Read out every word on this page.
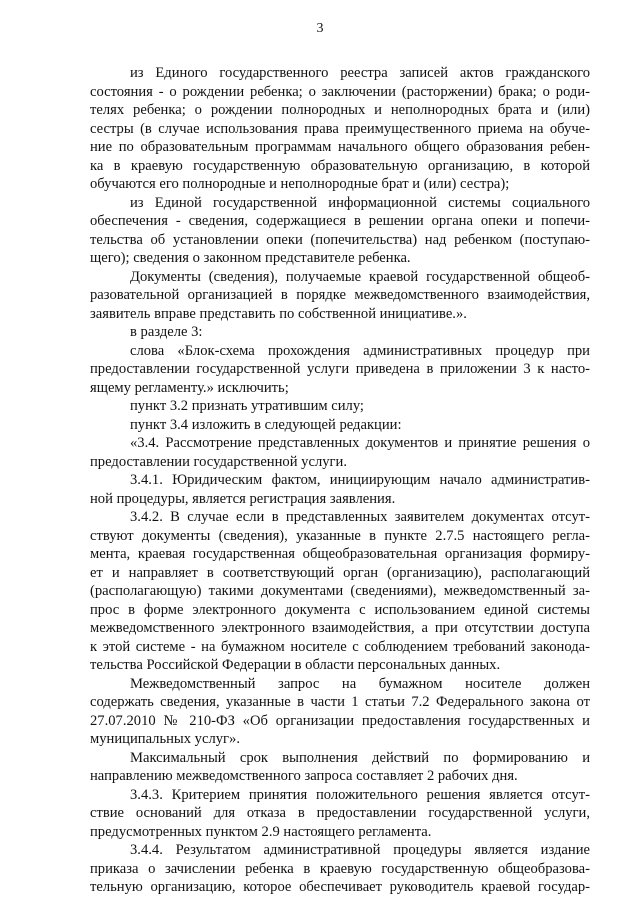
3
из Единого государственного реестра записей актов гражданского
состояния - о рождении ребенка; о заключении (расторжении) брака; о роди-
телях ребенка; о рождении полнородных и неполнородных брата и (или)
сестры (в случае использования права преимущественного приема на обуче-
ние по образовательным программам начального общего образования ребен-
ка в краевую государственную образовательную организацию, в которой
обучаются его полнородные и неполнородные брат и (или) сестра);
из Единой государственной информационной системы социального
обеспечения - сведения, содержащиеся в решении органа опеки и попечи-
тельства об установлении опеки (попечительства) над ребенком (поступаю-
щего); сведения о законном представителе ребенка.
Документы (сведения), получаемые краевой государственной общеоб-
разовательной организацией в порядке межведомственного взаимодействия,
заявитель вправе представить по собственной инициативе.».
в разделе 3:
слова «Блок-схема прохождения административных процедур при
предоставлении государственной услуги приведена в приложении 3 к насто-
ящему регламенту.» исключить;
пункт 3.2 признать утратившим силу;
пункт 3.4 изложить в следующей редакции:
«3.4. Рассмотрение представленных документов и принятие решения о
предоставлении государственной услуги.
3.4.1. Юридическим фактом, инициирующим начало административ-
ной процедуры, является регистрация заявления.
3.4.2. В случае если в представленных заявителем документах отсут-
ствуют документы (сведения), указанные в пункте 2.7.5 настоящего регла-
мента, краевая государственная общеобразовательная организация формиру-
ет и направляет в соответствующий орган (организацию), располагающий
(располагающую) такими документами (сведениями), межведомственный за-
прос в форме электронного документа с использованием единой системы
межведомственного электронного взаимодействия, а при отсутствии доступа
к этой системе - на бумажном носителе с соблюдением требований законода-
тельства Российской Федерации в области персональных данных.
Межведомственный запрос на бумажном носителе должен
содержать сведения, указанные в части 1 статьи 7.2 Федерального закона от
27.07.2010 № 210-ФЗ «Об организации предоставления государственных и
муниципальных услуг».
Максимальный срок выполнения действий по формированию и
направлению межведомственного запроса составляет 2 рабочих дня.
3.4.3. Критерием принятия положительного решения является отсут-
ствие оснований для отказа в предоставлении государственной услуги,
предусмотренных пунктом 2.9 настоящего регламента.
3.4.4. Результатом административной процедуры является издание
приказа о зачислении ребенка в краевую государственную общеобразова-
тельную организацию, которое обеспечивает руководитель краевой государ-
